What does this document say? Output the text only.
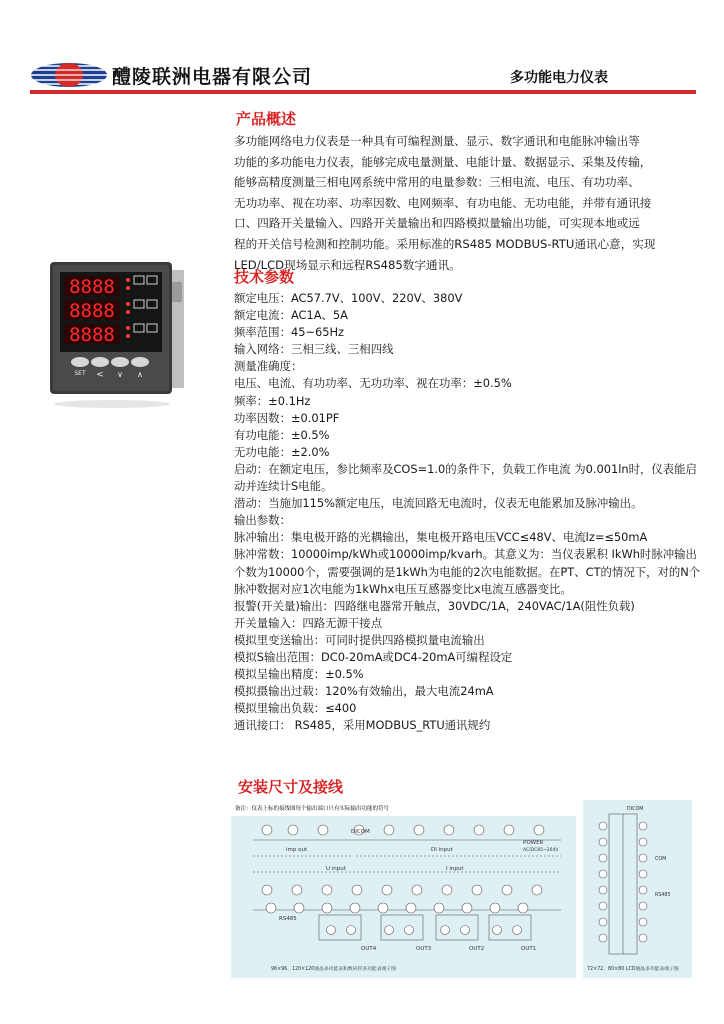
醴陵联洲电器有限公司	多功能电力仪表
产品概述
多功能网络电力仪表是一种具有可编程测量、显示、数字通讯和电能脉冲输出等
功能的多功能电力仪表，能够完成电量测量、电能计量、数据显示、采集及传输，
能够高精度测量三相电网系统中常用的电量参数：三相电流、电压、有功功率、
无功功率、视在功率、功率因数、电网频率、有功电能、无功电能，并带有通讯接
口、四路开关量输入、四路开关量输出和四路模拟量输出功能，可实现本地或远
程的开关信号检测和控制功能。采用标准的RS485 MODBUS-RTU通讯心意，实现
LED/LCD现场显示和远程RS485数字通讯。
8888
8888
8888
SET < ∨ ∧
技术参数
额定电压：AC57.7V、100V、220V、380V
额定电流：AC1A、5A
频率范围：45~65Hz
输入网络：三相三线、三相四线
测量准确度：
电压、电流、有功功率、无功功率、视在功率：±0.5%
频率：±0.1Hz
功率因数：±0.01PF
有功电能：±0.5%
无功电能：±2.0%
启动：在额定电压，参比频率及COS=1.0的条件下，负载工作电流 为0.001ln时，仪表能启动并连续计S电能。
潜动：当施加115%额定电压，电流回路无电流时，仪表无电能累加及脉冲输出。
输出参数：
脉冲输出：集电极开路的光耦输出，集电极开路电压VCC≤48V、电流lz=≤50mA
脉冲常数：10000imp/kWh或10000imp/kvarh。其意义为：当仪表累积 IkWh时脉冲输出个数为10000个，需要强调的是1kWh为电能的2次电能数据。在PT、CT的情况下，对的N个脉冲数据对应1次电能为1kWhx电压互感器变比x电流互感器变比。
报警(开关量)输出：四路继电器常开触点，30VDC/1A，240VAC/1A(阻性负载)
开关量输入：四路无源干接点
模拟里变送输出：可同时提供四路模拟量电流输出
模拟S输出范围：DC0-20mA或DC4-20mA可编程设定
模拟呈输出精度：±0.5%
模拟摄输出过载：120%有效输出，最大电流24mA
模拟里输出负载：≤400
通讯接口： RS485，采用MODBUS_RTU通讯规约
安装尺寸及接线
备注：仪表上标的接线图每个输出端口只有实际输出功能的符号
imp out	DI input
U input	I input
POWER
AC/DC85~264V
DICOM
RS485
OUT4	OUT3	OUT2	OUT1
96×96、120×120液晶多功能表和数码管多功能表端子图
DICOM
COM
RS485
72×72、80×80 LCD液晶多功能表端子图
